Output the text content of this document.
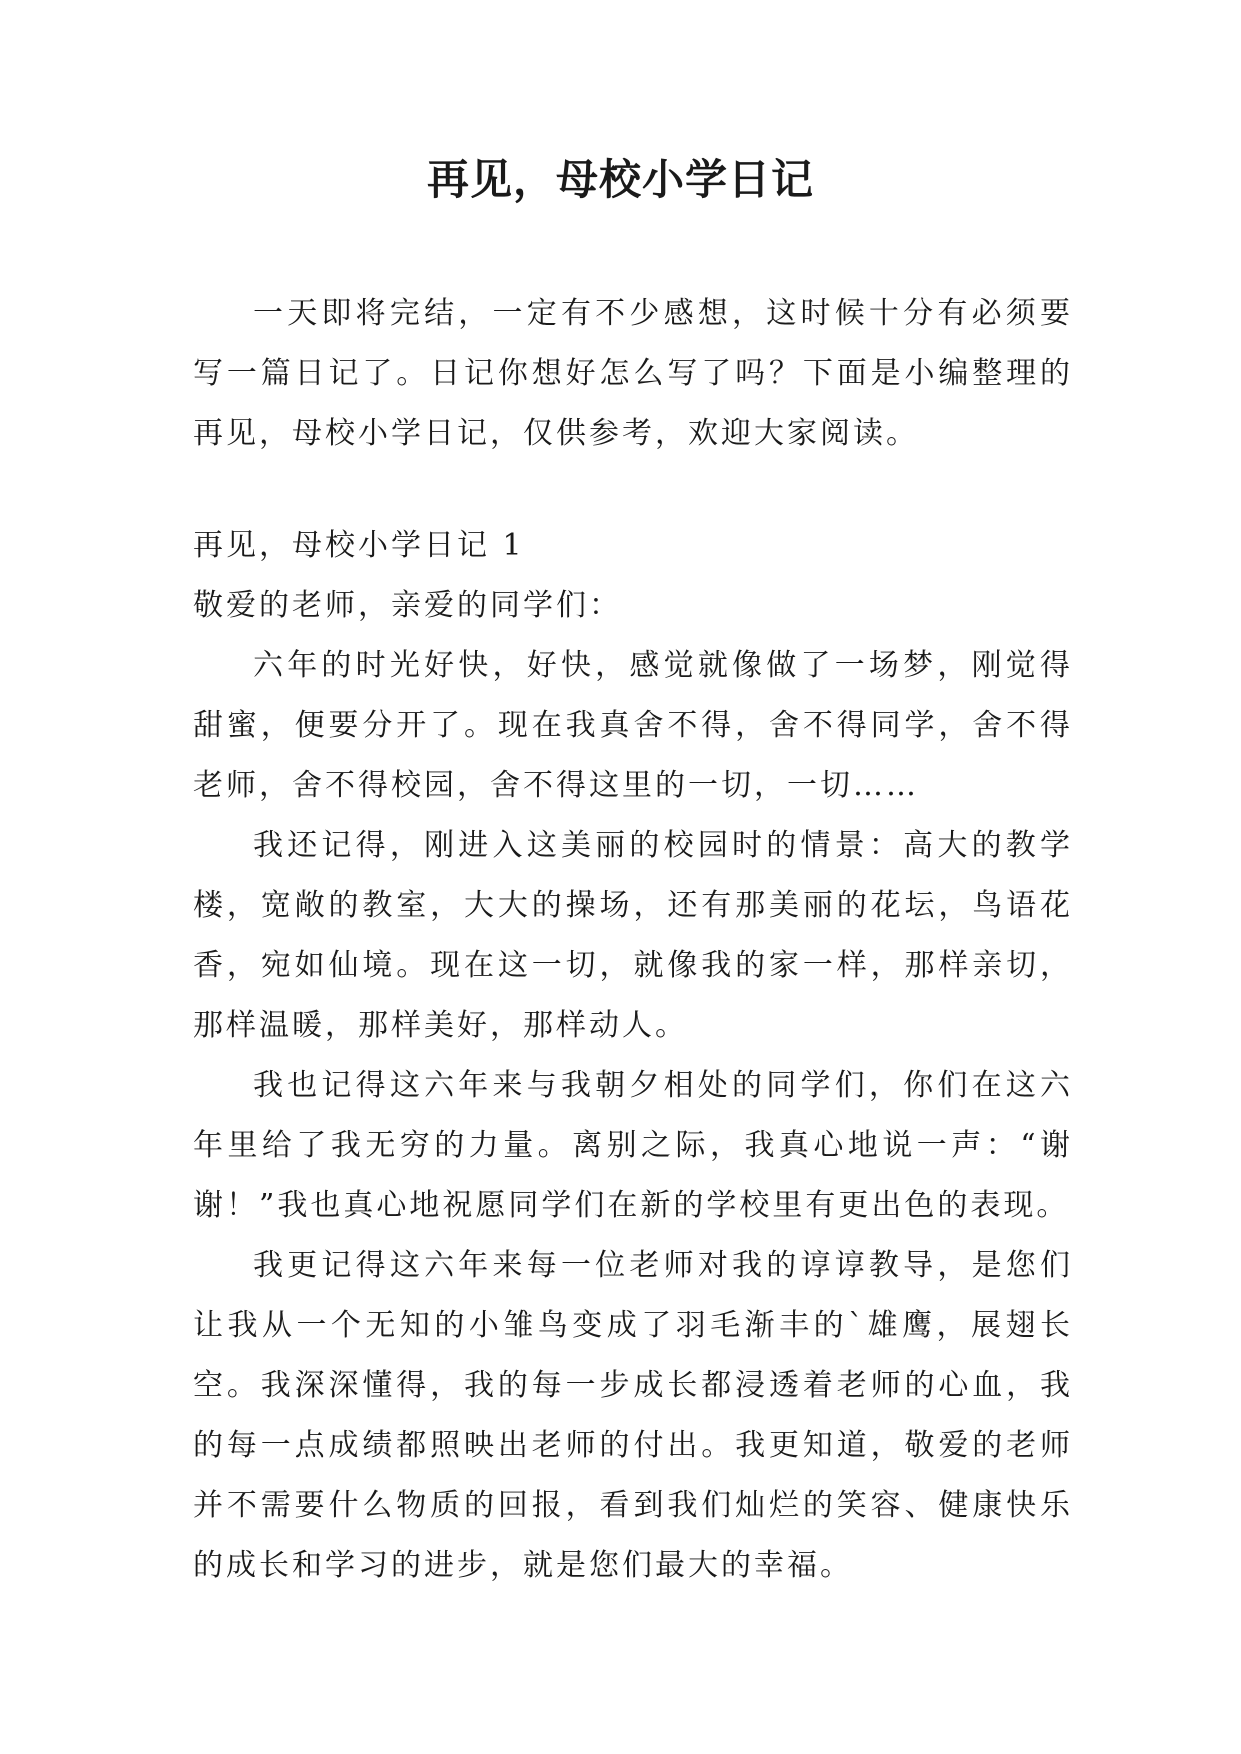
再见，母校小学日记

一天即将完结，一定有不少感想，这时候十分有必须要写一篇日记了。日记你想好怎么写了吗？下面是小编整理的再见，母校小学日记，仅供参考，欢迎大家阅读。

再见，母校小学日记 1

敬爱的老师，亲爱的同学们：

六年的时光好快，好快，感觉就像做了一场梦，刚觉得甜蜜，便要分开了。现在我真舍不得，舍不得同学，舍不得老师，舍不得校园，舍不得这里的一切，一切……

我还记得，刚进入这美丽的校园时的情景：高大的教学楼，宽敞的教室，大大的操场，还有那美丽的花坛，鸟语花香，宛如仙境。现在这一切，就像我的家一样，那样亲切，那样温暖，那样美好，那样动人。

我也记得这六年来与我朝夕相处的同学们，你们在这六年里给了我无穷的力量。离别之际，我真心地说一声：“谢谢！”我也真心地祝愿同学们在新的学校里有更出色的表现。

我更记得这六年来每一位老师对我的谆谆教导，是您们让我从一个无知的小雏鸟变成了羽毛渐丰的`雄鹰，展翅长空。我深深懂得，我的每一步成长都浸透着老师的心血，我的每一点成绩都照映出老师的付出。我更知道，敬爱的老师并不需要什么物质的回报，看到我们灿烂的笑容、健康快乐的成长和学习的进步，就是您们最大的幸福。
